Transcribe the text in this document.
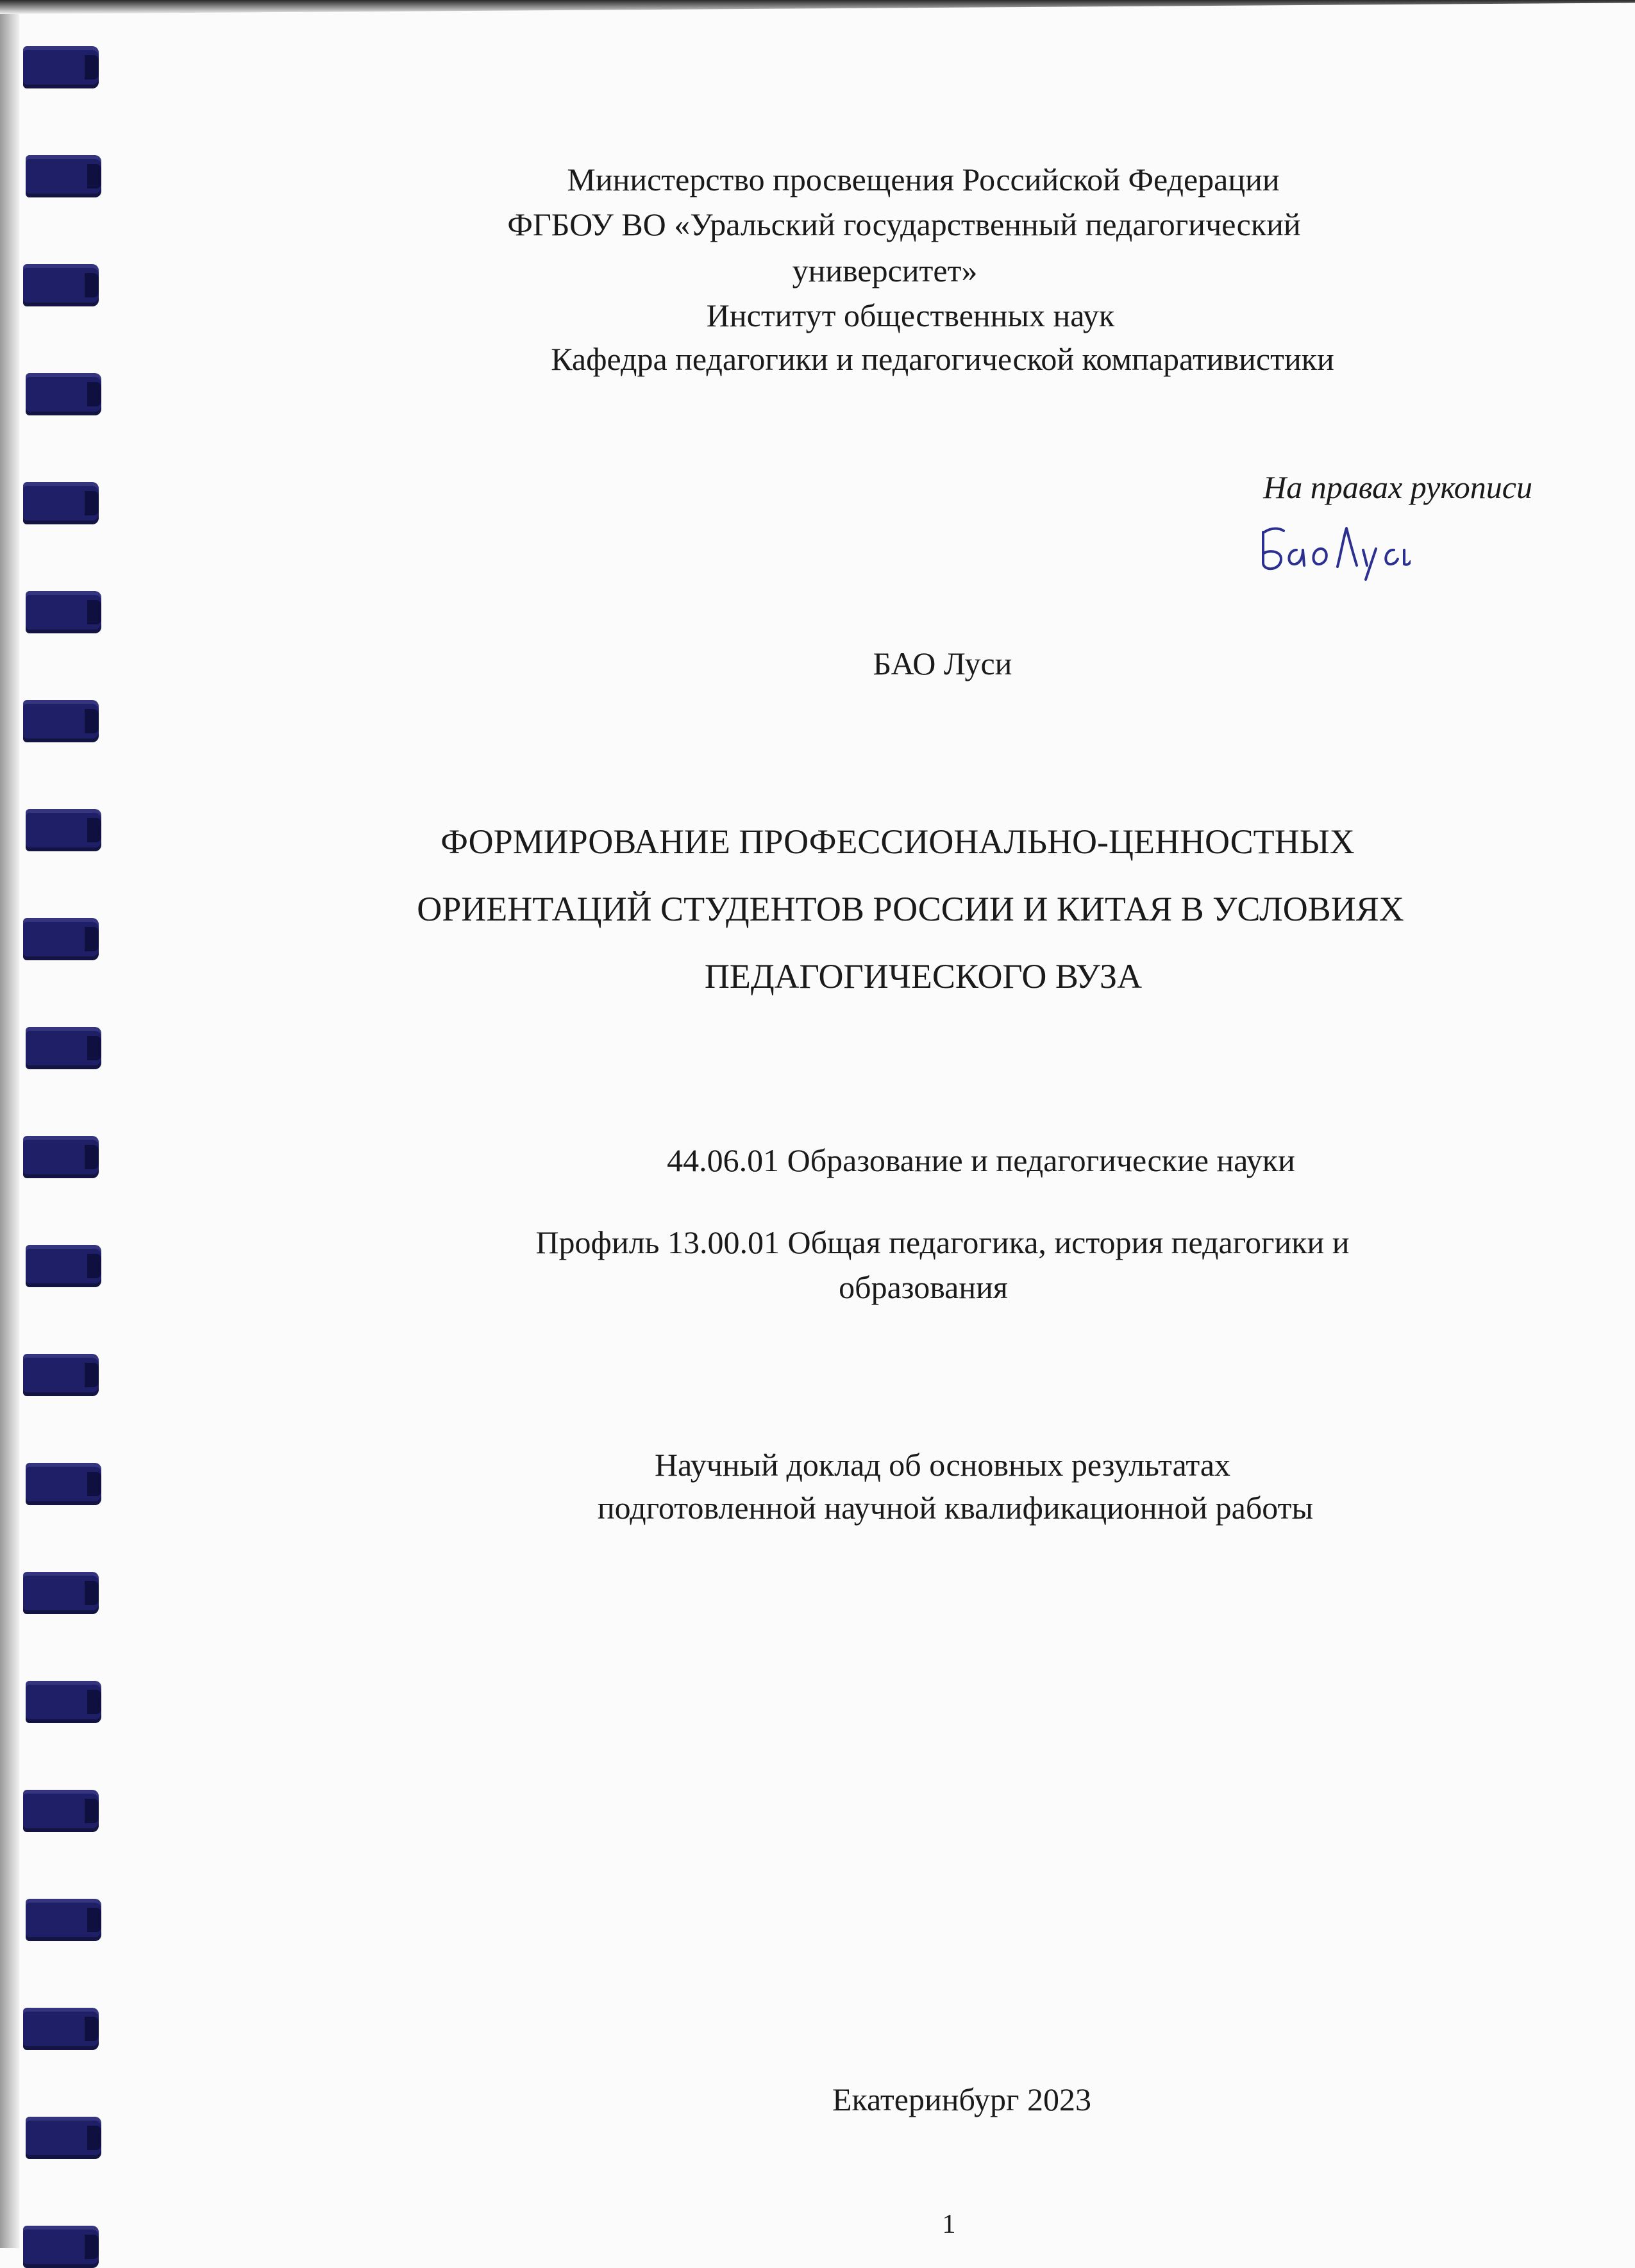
Министерство просвещения Российской Федерации
ФГБОУ ВО «Уральский государственный педагогический
университет»
Институт общественных наук
Кафедра педагогики и педагогической компаративистики
На правах рукописи
БАО Луси
ФОРМИРОВАНИЕ ПРОФЕССИОНАЛЬНО-ЦЕННОСТНЫХ
ОРИЕНТАЦИЙ СТУДЕНТОВ РОССИИ И КИТАЯ В УСЛОВИЯХ
ПЕДАГОГИЧЕСКОГО ВУЗА
44.06.01 Образование и педагогические науки
Профиль 13.00.01 Общая педагогика, история педагогики и
образования
Научный доклад об основных результатах
подготовленной научной квалификационной работы
Екатеринбург 2023
1
